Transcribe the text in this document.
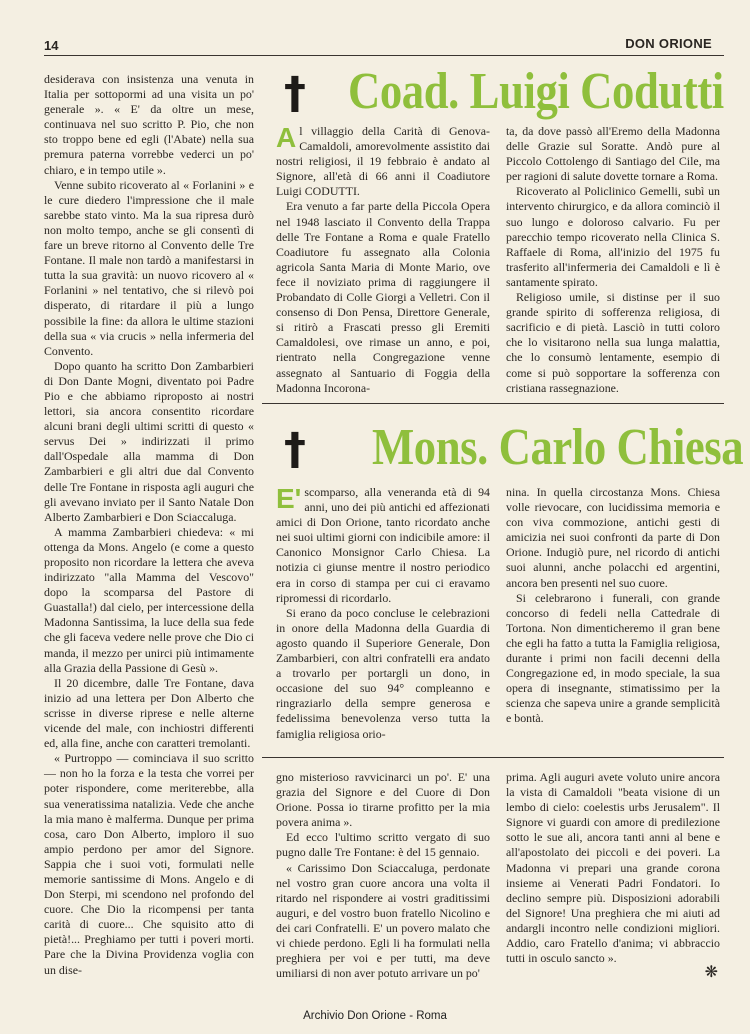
14	DON ORIONE

desiderava con insistenza una venuta in Italia per sottopormi ad una visita un po' generale ». « E' da oltre un mese, continuava nel suo scritto P. Pio, che non sto troppo bene ed egli (l'Abate) nella sua premura paterna vorrebbe vederci un po' chiaro, e in tempo utile ».

Venne subito ricoverato al « Forlanini » e le cure diedero l'impressione che il male sarebbe stato vinto. Ma la sua ripresa durò non molto tempo, anche se gli consentì di fare un breve ritorno al Convento delle Tre Fontane. Il male non tardò a manifestarsi in tutta la sua gravità: un nuovo ricovero al « Forlanini » nel tentativo, che si rilevò poi disperato, di ritardare il più a lungo possibile la fine: da allora le ultime stazioni della sua « via crucis » nella infermeria del Convento.

Dopo quanto ha scritto Don Zambarbieri di Don Dante Mogni, diventato poi Padre Pio e che abbiamo riproposto ai nostri lettori, sia ancora consentito ricordare alcuni brani degli ultimi scritti di questo « servus Dei » indirizzati il primo dall'Ospedale alla mamma di Don Zambarbieri e gli altri due dal Convento delle Tre Fontane in risposta agli auguri che gli avevano inviato per il Santo Natale Don Alberto Zambarbieri e Don Sciaccaluga.

A mamma Zambarbieri chiedeva: « mi ottenga da Mons. Angelo (e come a questo proposito non ricordare la lettera che aveva indirizzato "alla Mamma del Vescovo" dopo la scomparsa del Pastore di Guastalla!) dal cielo, per intercessione della Madonna Santissima, la luce della sua fede che gli faceva vedere nelle prove che Dio ci manda, il mezzo per unirci più intimamente alla Grazia della Passione di Gesù ».

Il 20 dicembre, dalle Tre Fontane, dava inizio ad una lettera per Don Alberto che scrisse in diverse riprese e nelle alterne vicende del male, con inchiostri differenti ed, alla fine, anche con caratteri tremolanti.

« Purtroppo — cominciava il suo scritto — non ho la forza e la testa che vorrei per poter rispondere, come meriterebbe, alla sua veneratissima natalizia. Vede che anche la mia mano è malferma. Dunque per prima cosa, caro Don Alberto, imploro il suo ampio perdono per amor del Signore. Sappia che i suoi voti, formulati nelle memorie santissime di Mons. Angelo e di Don Sterpi, mi scendono nel profondo del cuore. Che Dio la ricompensi per tanta carità di cuore... Che squisito atto di pietà!... Preghiamo per tutti i poveri morti. Pare che la Divina Providenza voglia con un dise-

† Coad. Luigi Codutti

Al villaggio della Carità di Genova-Camaldoli, amorevolmente assistito dai nostri religiosi, il 19 febbraio è andato al Signore, all'età di 66 anni il Coadiutore Luigi CODUTTI.

Era venuto a far parte della Piccola Opera nel 1948 lasciato il Convento della Trappa delle Tre Fontane a Roma e quale Fratello Coadiutore fu assegnato alla Colonia agricola Santa Maria di Monte Mario, ove fece il noviziato prima di raggiungere il Probandato di Colle Giorgi a Velletri. Con il consenso di Don Pensa, Direttore Generale, si ritirò a Frascati presso gli Eremiti Camaldolesi, ove rimase un anno, e poi, rientrato nella Congregazione venne assegnato al Santuario di Foggia della Madonna Incorona-

ta, da dove passò all'Eremo della Madonna delle Grazie sul Soratte. Andò pure al Piccolo Cottolengo di Santiago del Cile, ma per ragioni di salute dovette tornare a Roma.

Ricoverato al Policlinico Gemelli, subì un intervento chirurgico, e da allora cominciò il suo lungo e doloroso calvario. Fu per parecchio tempo ricoverato nella Clinica S. Raffaele di Roma, all'inizio del 1975 fu trasferito all'infermeria dei Camaldoli e lì è santamente spirato.

Religioso umile, si distinse per il suo grande spirito di sofferenza religiosa, di sacrificio e di pietà. Lasciò in tutti coloro che lo visitarono nella sua lunga malattia, che lo consumò lentamente, esempio di come si può sopportare la sofferenza con cristiana rassegnazione.

† Mons. Carlo Chiesa

E' scomparso, alla veneranda età di 94 anni, uno dei più antichi ed affezionati amici di Don Orione, tanto ricordato anche nei suoi ultimi giorni con indicibile amore: il Canonico Monsignor Carlo Chiesa. La notizia ci giunse mentre il nostro periodico era in corso di stampa per cui ci eravamo ripromessi di ricordarlo.

Si erano da poco concluse le celebrazioni in onore della Madonna della Guardia di agosto quando il Superiore Generale, Don Zambarbieri, con altri confratelli era andato a trovarlo per portargli un dono, in occasione del suo 94° compleanno e ringraziarlo della sempre generosa e fedelissima benevolenza verso tutta la famiglia religiosa orio-

nina. In quella circostanza Mons. Chiesa volle rievocare, con lucidissima memoria e con viva commozione, antichi gesti di amicizia nei suoi confronti da parte di Don Orione. Indugiò pure, nel ricordo di antichi suoi alunni, anche polacchi ed argentini, ancora ben presenti nel suo cuore.

Si celebrarono i funerali, con grande concorso di fedeli nella Cattedrale di Tortona. Non dimenticheremo il gran bene che egli ha fatto a tutta la Famiglia religiosa, durante i primi non facili decenni della Congregazione ed, in modo speciale, la sua opera di insegnante, stimatissimo per la scienza che sapeva unire a grande semplicità e bontà.

gno misterioso ravvicinarci un po'. E' una grazia del Signore e del Cuore di Don Orione. Possa io tirarne profitto per la mia povera anima ».

Ed ecco l'ultimo scritto vergato di suo pugno dalle Tre Fontane: è del 15 gennaio.

« Carissimo Don Sciaccaluga, perdonate nel vostro gran cuore ancora una volta il ritardo nel rispondere ai vostri graditissimi auguri, e del vostro buon fratello Nicolino e dei cari Confratelli. E' un povero malato che vi chiede perdono. Egli li ha formulati nella preghiera per voi e per tutti, ma deve umiliarsi di non aver potuto arrivare un po'

prima. Agli auguri avete voluto unire ancora la vista di Camaldoli "beata visione di un lembo di cielo: coelestis urbs Jerusalem". Il Signore vi guardi con amore di predilezione sotto le sue ali, ancora tanti anni al bene e all'apostolato dei piccoli e dei poveri. La Madonna vi prepari una grande corona insieme ai Venerati Padri Fondatori. Io declino sempre più. Disposizioni adorabili del Signore! Una preghiera che mi aiuti ad andargli incontro nelle condizioni migliori. Addio, caro Fratello d'anima; vi abbraccio tutti in osculo sancto ».

❋
Archivio Don Orione - Roma
